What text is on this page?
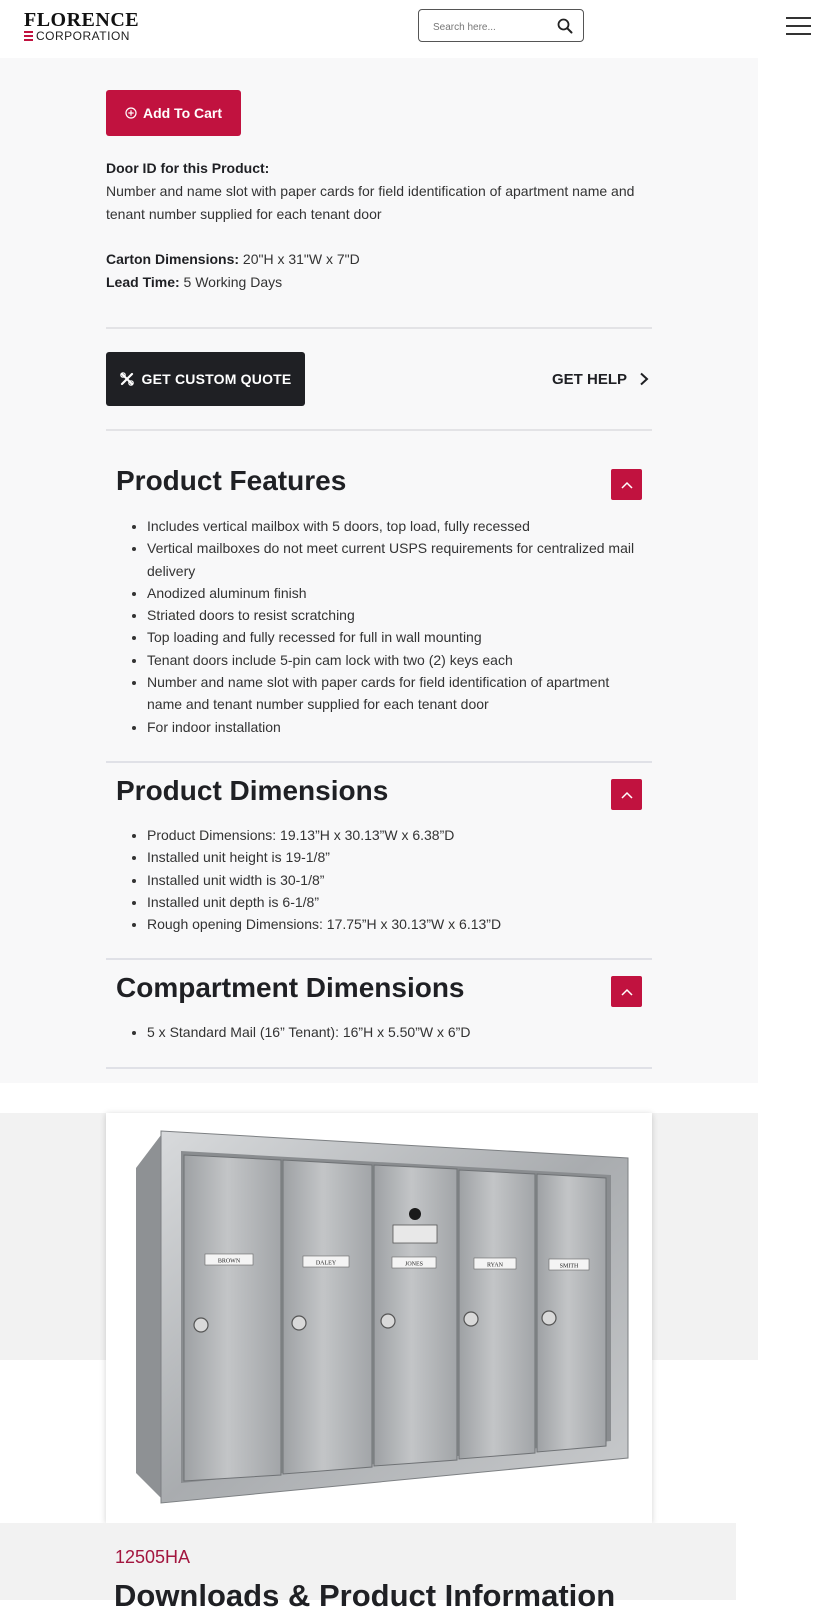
FLORENCE
CORPORATION
Search here...
Add To Cart
Door ID for this Product:
Number and name slot with paper cards for field identification of apartment name and tenant number supplied for each tenant door
Carton Dimensions: 20"H x 31"W x 7"D
Lead Time: 5 Working Days
GET CUSTOM QUOTE	GET HELP
Product Features
• Includes vertical mailbox with 5 doors, top load, fully recessed
• Vertical mailboxes do not meet current USPS requirements for centralized mail delivery
• Anodized aluminum finish
• Striated doors to resist scratching
• Top loading and fully recessed for full in wall mounting
• Tenant doors include 5-pin cam lock with two (2) keys each
• Number and name slot with paper cards for field identification of apartment name and tenant number supplied for each tenant door
• For indoor installation
Product Dimensions
• Product Dimensions: 19.13”H x 30.13”W x 6.38”D
• Installed unit height is 19-1/8”
• Installed unit width is 30-1/8”
• Installed unit depth is 6-1/8”
• Rough opening Dimensions: 17.75”H x 30.13”W x 6.13”D
Compartment Dimensions
• 5 x Standard Mail (16” Tenant): 16”H x 5.50”W x 6”D
BROWN	DALEY	JONES	RYAN	SMITH
12505HA
Downloads & Product Information
